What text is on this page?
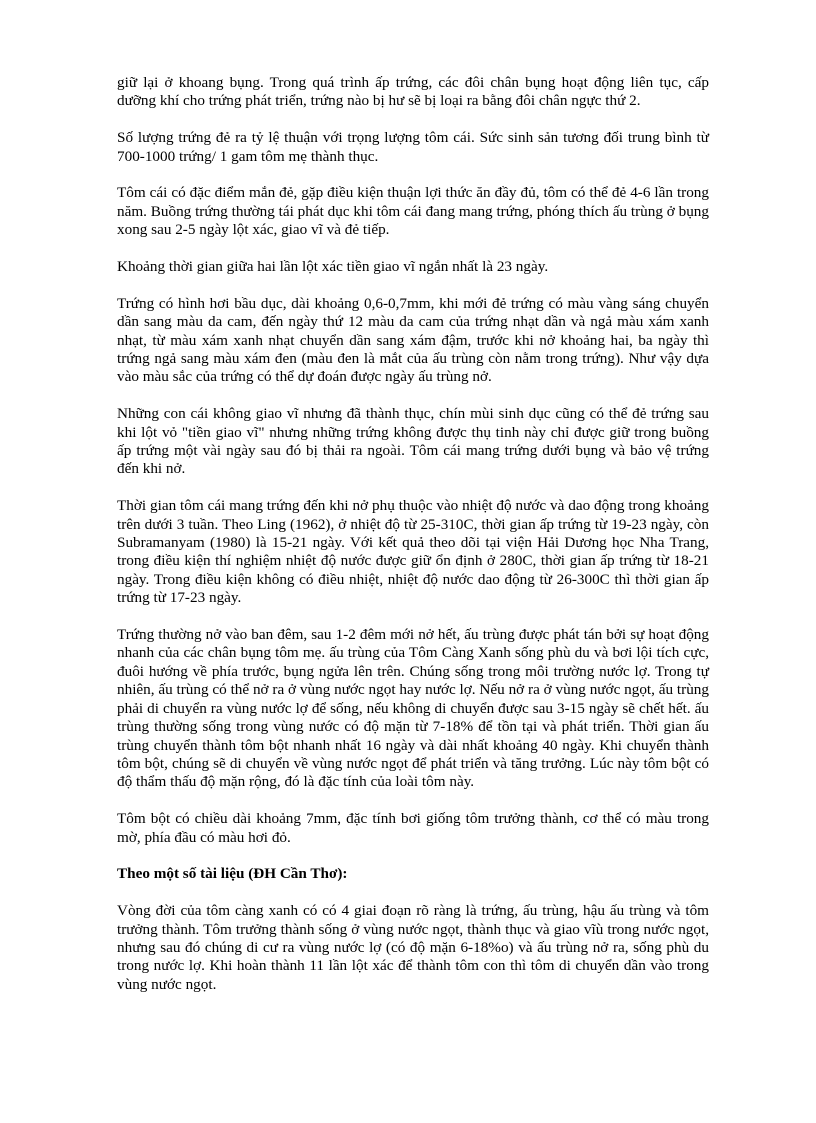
giữ lại ở khoang bụng. Trong quá trình ấp trứng, các đôi chân bụng hoạt động liên tục, cấp dưỡng khí cho trứng phát triển, trứng nào bị hư sẽ bị loại ra bằng đôi chân ngực thứ 2.

Số lượng trứng đẻ ra tỷ lệ thuận với trọng lượng tôm cái. Sức sinh sản tương đối trung bình từ 700-1000 trứng/ 1 gam tôm mẹ thành thục.

Tôm cái có đặc điểm mắn đẻ, gặp điều kiện thuận lợi thức ăn đầy đủ, tôm có thể đẻ 4-6 lần trong năm. Buồng trứng thường tái phát dục khi tôm cái đang mang trứng, phóng thích ấu trùng ở bụng xong sau 2-5 ngày lột xác, giao vĩ và đẻ tiếp.

Khoảng thời gian giữa hai lần lột xác tiền giao vĩ ngắn nhất là 23 ngày.

Trứng có hình hơi bầu dục, dài khoảng 0,6-0,7mm, khi mới đẻ trứng có màu vàng sáng chuyển dần sang màu da cam, đến ngày thứ 12 màu da cam của trứng nhạt dần và ngả màu xám xanh nhạt, từ màu xám xanh nhạt chuyển dần sang xám đậm, trước khi nở khoảng hai, ba ngày thì trứng ngả sang màu xám đen (màu đen là mắt của ấu trùng còn nằm trong trứng). Như vậy dựa vào màu sắc của trứng có thể dự đoán được ngày ấu trùng nở.

Những con cái không giao vĩ nhưng đã thành thục, chín mùi sinh dục cũng có thể đẻ trứng sau khi lột vỏ "tiền giao vĩ" nhưng những trứng không được thụ tinh này chỉ được giữ trong buồng ấp trứng một vài ngày sau đó bị thải ra ngoài. Tôm cái mang trứng dưới bụng và bảo vệ trứng đến khi nở.

Thời gian tôm cái mang trứng đến khi nở phụ thuộc vào nhiệt độ nước và dao động trong khoảng trên dưới 3 tuần. Theo Ling (1962), ở nhiệt độ từ 25-310C, thời gian ấp trứng từ 19-23 ngày, còn Subramanyam (1980) là 15-21 ngày. Với kết quả theo dõi tại viện Hải Dương học Nha Trang, trong điều kiện thí nghiệm nhiệt độ nước được giữ ổn định ở 280C, thời gian ấp trứng từ 18-21 ngày. Trong điều kiện không có điều nhiệt, nhiệt độ nước dao động từ 26-300C thì thời gian ấp trứng từ 17-23 ngày.

Trứng thường nở vào ban đêm, sau 1-2 đêm mới nở hết, ấu trùng được phát tán bởi sự hoạt động nhanh của các chân bụng tôm mẹ. ấu trùng của Tôm Càng Xanh sống phù du và bơi lội tích cực, đuôi hướng về phía trước, bụng ngửa lên trên. Chúng sống trong môi trường nước lợ. Trong tự nhiên, ấu trùng có thể nở ra ở vùng nước ngọt hay nước lợ. Nếu nở ra ở vùng nước ngọt, ấu trùng phải di chuyển ra vùng nước lợ để sống, nếu không di chuyển được sau 3-15 ngày sẽ chết hết. ấu trùng thường sống trong vùng nước có độ mặn từ 7-18% để tồn tại và phát triển. Thời gian ấu trùng chuyển thành tôm bột nhanh nhất 16 ngày và dài nhất khoảng 40 ngày. Khi chuyển thành tôm bột, chúng sẽ di chuyển về vùng nước ngọt để phát triển và tăng trưởng. Lúc này tôm bột có độ thẩm thấu độ mặn rộng, đó là đặc tính của loài tôm này.

Tôm bột có chiều dài khoảng 7mm, đặc tính bơi giống tôm trưởng thành, cơ thể có màu trong mờ, phía đầu có màu hơi đỏ.

Theo một số tài liệu (ĐH Cần Thơ):

Vòng đời của tôm càng xanh có có 4 giai đoạn rõ ràng là trứng, ấu trùng, hậu ấu trùng và tôm trưởng thành. Tôm trưởng thành sống ở vùng nước ngọt, thành thục và giao vĩù trong nước ngọt, nhưng sau đó chúng di cư ra vùng nước lợ (có độ mặn 6-18%o) và ấu trùng nở ra, sống phù du trong nước lợ. Khi hoàn thành 11 lần lột xác để thành tôm con thì tôm di chuyển dần vào trong vùng nước ngọt.
